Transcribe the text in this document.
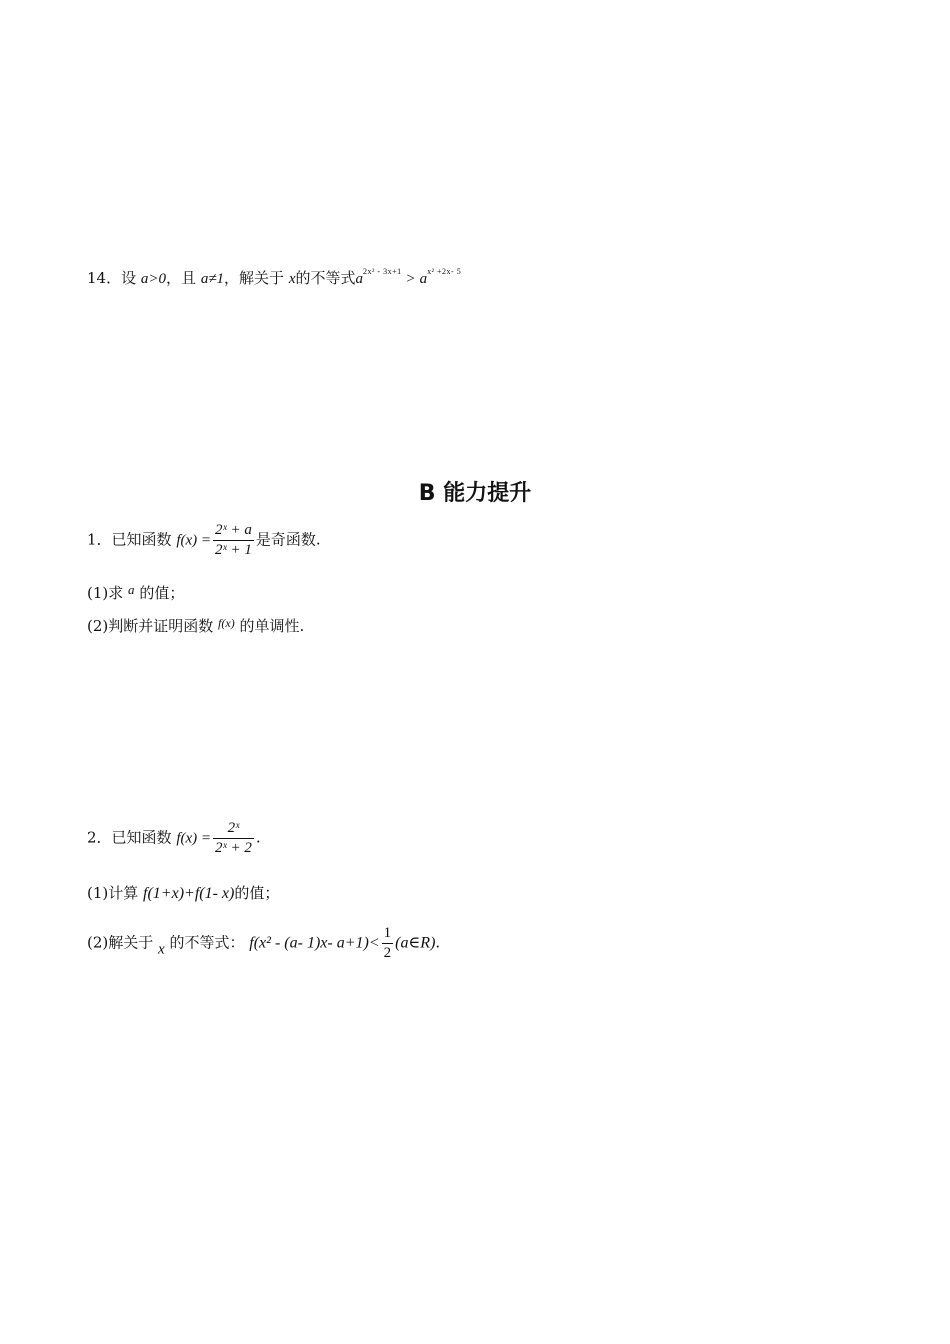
14．设 a>0，且 a≠1，解关于 x的不等式$a^{2x^2 - 3x+1} > a^{x^2 +2x- 5}$
B 能力提升
1．已知函数 $f(x) = \frac{\text{2ˣ + a}}{\text{2ˣ + 1}}$ 是奇函数.
(1)求 a 的值；
(2)判断并证明函数 $^{f(x)}$ 的单调性.
2．已知函数 $f(x) = \frac{\text{2ˣ}}{\text{2ˣ + 2}}$ .
(1)计算 f(1+x)+f(1- x)的值；
(2)解关于 x 的不等式： f(x² - (a- 1)x- $a+1)< \frac{1}{2}$ (a∈R).
